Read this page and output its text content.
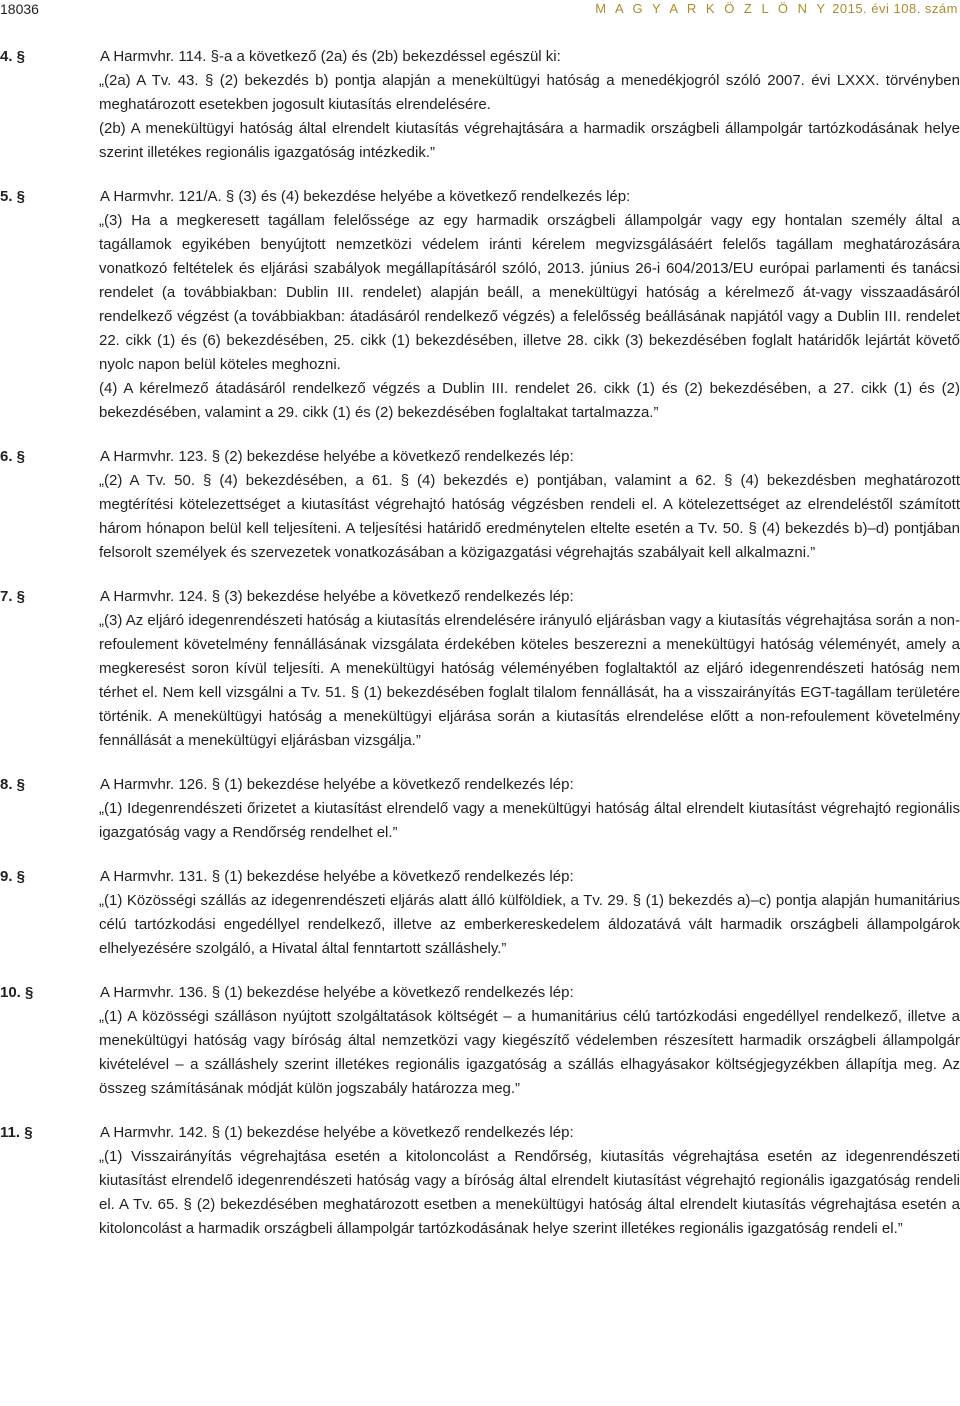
18036	M A G Y A R K Ö Z L Ö N Y 2015. évi 108. szám
4. §	A Harmvhr. 114. §-a a következő (2a) és (2b) bekezdéssel egészül ki:
„(2a) A Tv. 43. § (2) bekezdés b) pontja alapján a menekültügyi hatóság a menedékjogról szóló 2007. évi LXXX. törvényben meghatározott esetekben jogosult kiutasítás elrendelésére.
(2b) A menekültügyi hatóság által elrendelt kiutasítás végrehajtására a harmadik országbeli állampolgár tartózkodásának helye szerint illetékes regionális igazgatóság intézkedik.”
5. §	A Harmvhr. 121/A. § (3) és (4) bekezdése helyébe a következő rendelkezés lép:
„(3) Ha a megkeresett tagállam felelőssége az egy harmadik országbeli állampolgár vagy egy hontalan személy által a tagállamok egyikében benyújtott nemzetközi védelem iránti kérelem megvizsgálásáért felelős tagállam meghatározására vonatkozó feltételek és eljárási szabályok megállapításáról szóló, 2013. június 26-i 604/2013/EU európai parlamenti és tanácsi rendelet (a továbbiakban: Dublin III. rendelet) alapján beáll, a menekültügyi hatóság a kérelmező át-vagy visszaadásáról rendelkező végzést (a továbbiakban: átadásáról rendelkező végzés) a felelősség beállásának napjától vagy a Dublin III. rendelet 22. cikk (1) és (6) bekezdésében, 25. cikk (1) bekezdésében, illetve 28. cikk (3) bekezdésében foglalt határidők lejártát követő nyolc napon belül köteles meghozni.
(4) A kérelmező átadásáról rendelkező végzés a Dublin III. rendelet 26. cikk (1) és (2) bekezdésében, a 27. cikk (1) és (2) bekezdésében, valamint a 29. cikk (1) és (2) bekezdésében foglaltakat tartalmazza.”
6. §	A Harmvhr. 123. § (2) bekezdése helyébe a következő rendelkezés lép:
„(2) A Tv. 50. § (4) bekezdésében, a 61. § (4) bekezdés e) pontjában, valamint a 62. § (4) bekezdésben meghatározott megtérítési kötelezettséget a kiutasítást végrehajtó hatóság végzésben rendeli el. A kötelezettséget az elrendeléstől számított három hónapon belül kell teljesíteni. A teljesítési határidő eredménytelen eltelte esetén a Tv. 50. § (4) bekezdés b)–d) pontjában felsorolt személyek és szervezetek vonatkozásában a közigazgatási végrehajtás szabályait kell alkalmazni.”
7. §	A Harmvhr. 124. § (3) bekezdése helyébe a következő rendelkezés lép:
„(3) Az eljáró idegenrendészeti hatóság a kiutasítás elrendelésére irányuló eljárásban vagy a kiutasítás végrehajtása során a non-refoulement követelmény fennállásának vizsgálata érdekében köteles beszerezni a menekültügyi hatóság véleményét, amely a megkeresést soron kívül teljesíti. A menekültügyi hatóság véleményében foglaltaktól az eljáró idegenrendészeti hatóság nem térhet el. Nem kell vizsgálni a Tv. 51. § (1) bekezdésében foglalt tilalom fennállását, ha a visszairányítás EGT-tagállam területére történik. A menekültügyi hatóság a menekültügyi eljárása során a kiutasítás elrendelése előtt a non-refoulement követelmény fennállását a menekültügyi eljárásban vizsgálja.”
8. §	A Harmvhr. 126. § (1) bekezdése helyébe a következő rendelkezés lép:
„(1) Idegenrendészeti őrizetet a kiutasítást elrendelő vagy a menekültügyi hatóság által elrendelt kiutasítást végrehajtó regionális igazgatóság vagy a Rendőrség rendelhet el.”
9. §	A Harmvhr. 131. § (1) bekezdése helyébe a következő rendelkezés lép:
„(1) Közösségi szállás az idegenrendészeti eljárás alatt álló külföldiek, a Tv. 29. § (1) bekezdés a)–c) pontja alapján humanitárius célú tartózkodási engedéllyel rendelkező, illetve az emberkereskedelem áldozatává vált harmadik országbeli állampolgárok elhelyezésére szolgáló, a Hivatal által fenntartott szálláshely.”
10. §	A Harmvhr. 136. § (1) bekezdése helyébe a következő rendelkezés lép:
„(1) A közösségi szálláson nyújtott szolgáltatások költségét – a humanitárius célú tartózkodási engedéllyel rendelkező, illetve a menekültügyi hatóság vagy bíróság által nemzetközi vagy kiegészítő védelemben részesített harmadik országbeli állampolgár kivételével – a szálláshely szerint illetékes regionális igazgatóság a szállás elhagyásakor költségjegyzékben állapítja meg. Az összeg számításának módját külön jogszabály határozza meg.”
11. §	A Harmvhr. 142. § (1) bekezdése helyébe a következő rendelkezés lép:
„(1) Visszairányítás végrehajtása esetén a kitoloncolást a Rendőrség, kiutasítás végrehajtása esetén az idegenrendészeti kiutasítást elrendelő idegenrendészeti hatóság vagy a bíróság által elrendelt kiutasítást végrehajtó regionális igazgatóság rendeli el. A Tv. 65. § (2) bekezdésében meghatározott esetben a menekültügyi hatóság által elrendelt kiutasítás végrehajtása esetén a kitoloncolást a harmadik országbeli állampolgár tartózkodásának helye szerint illetékes regionális igazgatóság rendeli el.”
